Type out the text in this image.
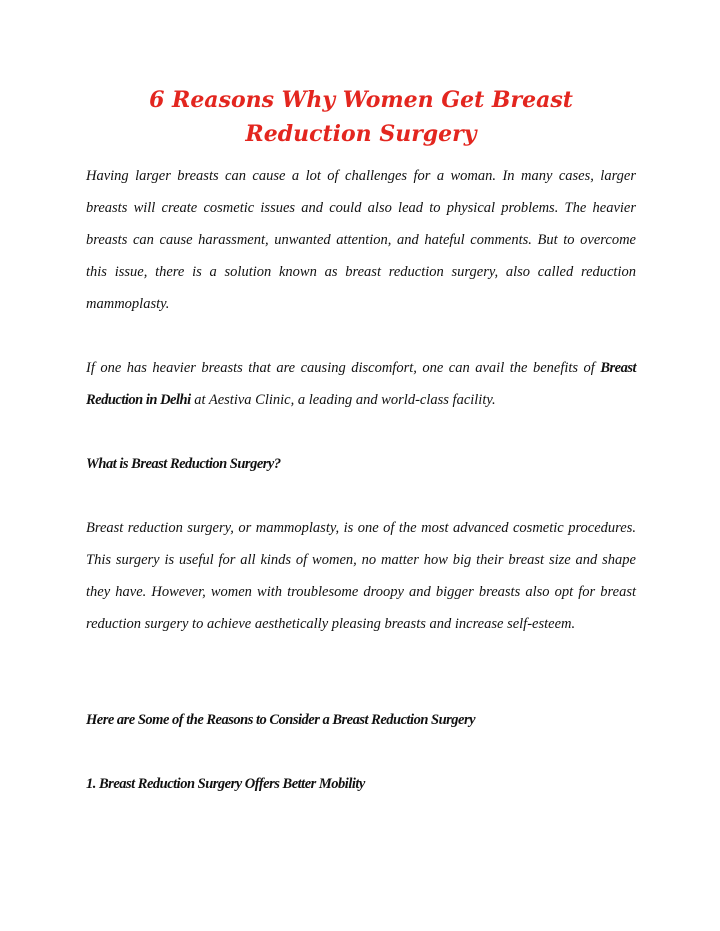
6 Reasons Why Women Get Breast Reduction Surgery

Having larger breasts can cause a lot of challenges for a woman. In many cases, larger breasts will create cosmetic issues and could also lead to physical problems. The heavier breasts can cause harassment, unwanted attention, and hateful comments. But to overcome this issue, there is a solution known as breast reduction surgery, also called reduction mammoplasty.

If one has heavier breasts that are causing discomfort, one can avail the benefits of Breast Reduction in Delhi at Aestiva Clinic, a leading and world-class facility.

What is Breast Reduction Surgery?

Breast reduction surgery, or mammoplasty, is one of the most advanced cosmetic procedures. This surgery is useful for all kinds of women, no matter how big their breast size and shape they have. However, women with troublesome droopy and bigger breasts also opt for breast reduction surgery to achieve aesthetically pleasing breasts and increase self-esteem.

Here are Some of the Reasons to Consider a Breast Reduction Surgery

1. Breast Reduction Surgery Offers Better Mobility
